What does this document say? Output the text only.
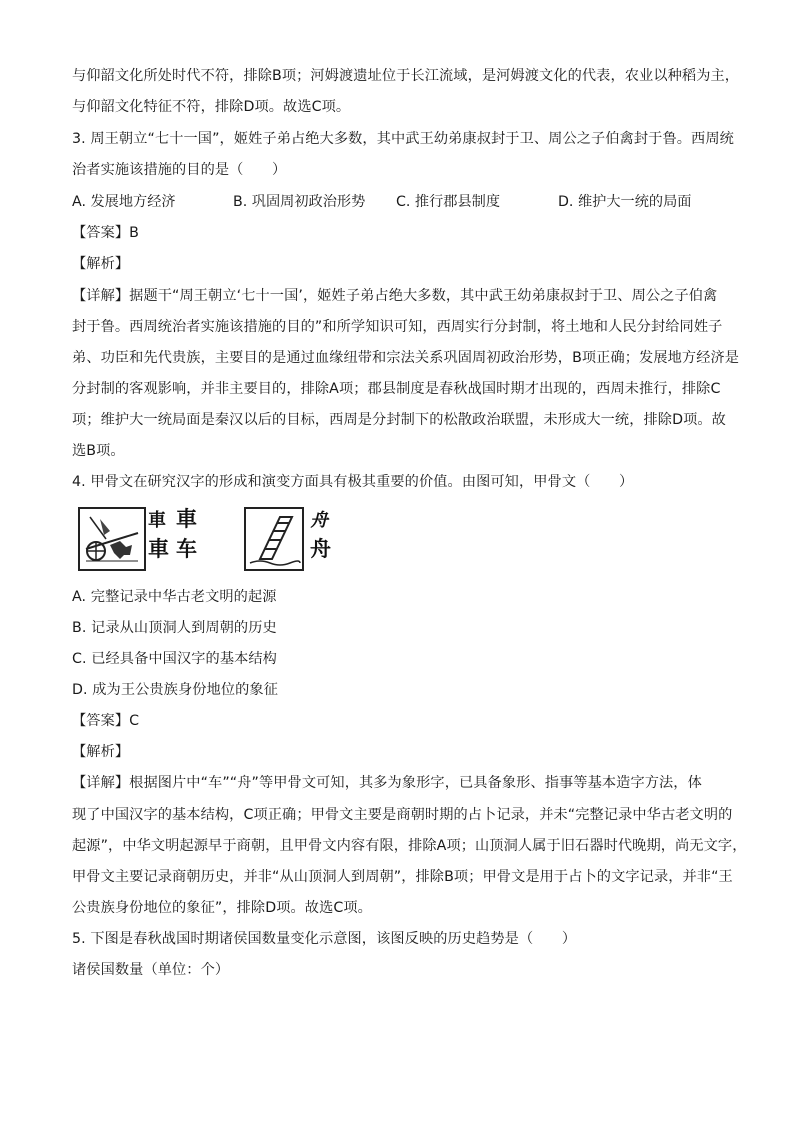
与仰韶文化所处时代不符，排除B项；河姆渡遗址位于长江流域，是河姆渡文化的代表，农业以种稻为主，
与仰韶文化特征不符，排除D项。故选C项。
3. 周王朝立“七十一国”，姬姓子弟占绝大多数，其中武王幼弟康叔封于卫、周公之子伯禽封于鲁。西周统
治者实施该措施的目的是（　　）
A. 发展地方经济	B. 巩固周初政治形势 C. 推行郡县制度	D. 维护大一统的局面
【答案】B
【解析】
【详解】据题干“周王朝立‘七十一国’，姬姓子弟占绝大多数，其中武王幼弟康叔封于卫、周公之子伯禽
封于鲁。西周统治者实施该措施的目的”和所学知识可知，西周实行分封制，将土地和人民分封给同姓子
弟、功臣和先代贵族，主要目的是通过血缘纽带和宗法关系巩固周初政治形势，B项正确；发展地方经济是
分封制的客观影响，并非主要目的，排除A项；郡县制度是春秋战国时期才出现的，西周未推行，排除C
项；维护大一统局面是秦汉以后的目标，西周是分封制下的松散政治联盟，未形成大一统，排除D项。故
选B项。
4. 甲骨文在研究汉字的形成和演变方面具有极其重要的价值。由图可知，甲骨文（　　）
車 車
車 车
舟
舟
A. 完整记录中华古老文明的起源
B. 记录从山顶洞人到周朝的历史
C. 已经具备中国汉字的基本结构
D. 成为王公贵族身份地位的象征
【答案】C
【解析】
【详解】根据图片中“车”“舟”等甲骨文可知，其多为象形字，已具备象形、指事等基本造字方法，体
现了中国汉字的基本结构，C项正确；甲骨文主要是商朝时期的占卜记录，并未“完整记录中华古老文明的
起源”，中华文明起源早于商朝，且甲骨文内容有限，排除A项；山顶洞人属于旧石器时代晚期，尚无文字，
甲骨文主要记录商朝历史，并非“从山顶洞人到周朝”，排除B项；甲骨文是用于占卜的文字记录，并非“王
公贵族身份地位的象征”，排除D项。故选C项。
5. 下图是春秋战国时期诸侯国数量变化示意图，该图反映的历史趋势是（　　）
诸侯国数量（单位：个）
